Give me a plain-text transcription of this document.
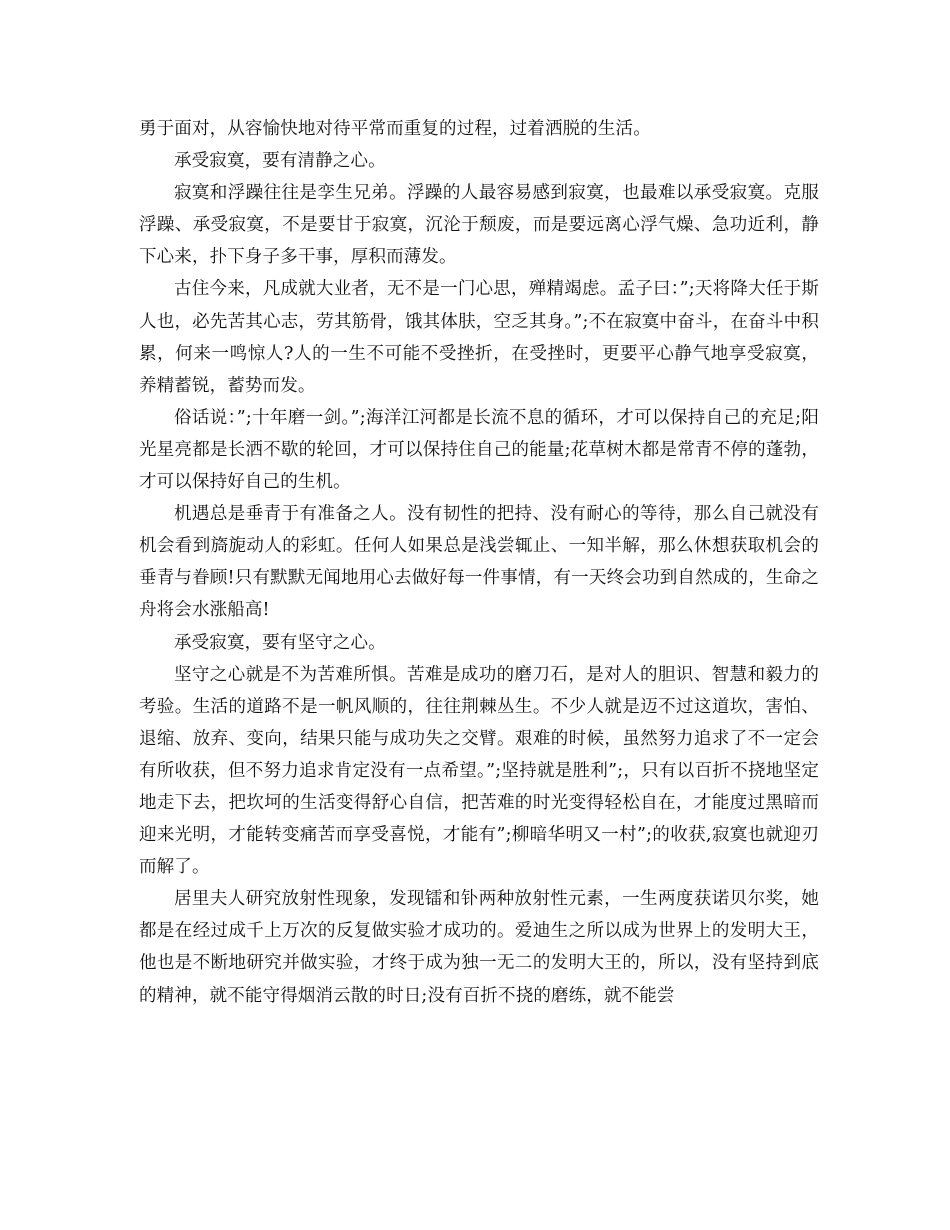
勇于面对，从容愉快地对待平常而重复的过程，过着洒脱的生活。

承受寂寞，要有清静之心。

寂寞和浮躁往往是孪生兄弟。浮躁的人最容易感到寂寞，也最难以承受寂寞。克服浮躁、承受寂寞，不是要甘于寂寞，沉沦于颓废，而是要远离心浮气燥、急功近利，静下心来，扑下身子多干事，厚积而薄发。

古住今来，凡成就大业者，无不是一门心思，殚精竭虑。孟子曰：”;天将降大任于斯人也，必先苦其心志，劳其筋骨，饿其体肤，空乏其身。”;不在寂寞中奋斗，在奋斗中积累，何来一鸣惊人?人的一生不可能不受挫折，在受挫时，更要平心静气地享受寂寞，养精蓄锐，蓄势而发。

俗话说：”;十年磨一剑。”;海洋江河都是长流不息的循环，才可以保持自己的充足;阳光星亮都是长洒不歇的轮回，才可以保持住自己的能量;花草树木都是常青不停的蓬勃，才可以保持好自己的生机。

机遇总是垂青于有准备之人。没有韧性的把持、没有耐心的等待，那么自己就没有机会看到旖旎动人的彩虹。任何人如果总是浅尝辄止、一知半解，那么休想获取机会的垂青与眷顾!只有默默无闻地用心去做好每一件事情，有一天终会功到自然成的，生命之舟将会水涨船高!

承受寂寞，要有坚守之心。

坚守之心就是不为苦难所惧。苦难是成功的磨刀石，是对人的胆识、智慧和毅力的考验。生活的道路不是一帆风顺的，往往荆棘丛生。不少人就是迈不过这道坎，害怕、退缩、放弃、变向，结果只能与成功失之交臂。艰难的时候，虽然努力追求了不一定会有所收获，但不努力追求肯定没有一点希望。”;坚持就是胜利”;，只有以百折不挠地坚定地走下去，把坎坷的生活变得舒心自信，把苦难的时光变得轻松自在，才能度过黑暗而迎来光明，才能转变痛苦而享受喜悦，才能有”;柳暗华明又一村”;的收获,寂寞也就迎刃而解了。

居里夫人研究放射性现象，发现镭和钋两种放射性元素，一生两度获诺贝尔奖，她都是在经过成千上万次的反复做实验才成功的。爱迪生之所以成为世界上的发明大王，他也是不断地研究并做实验，才终于成为独一无二的发明大王的，所以，没有坚持到底的精神，就不能守得烟消云散的时日;没有百折不挠的磨练，就不能尝
